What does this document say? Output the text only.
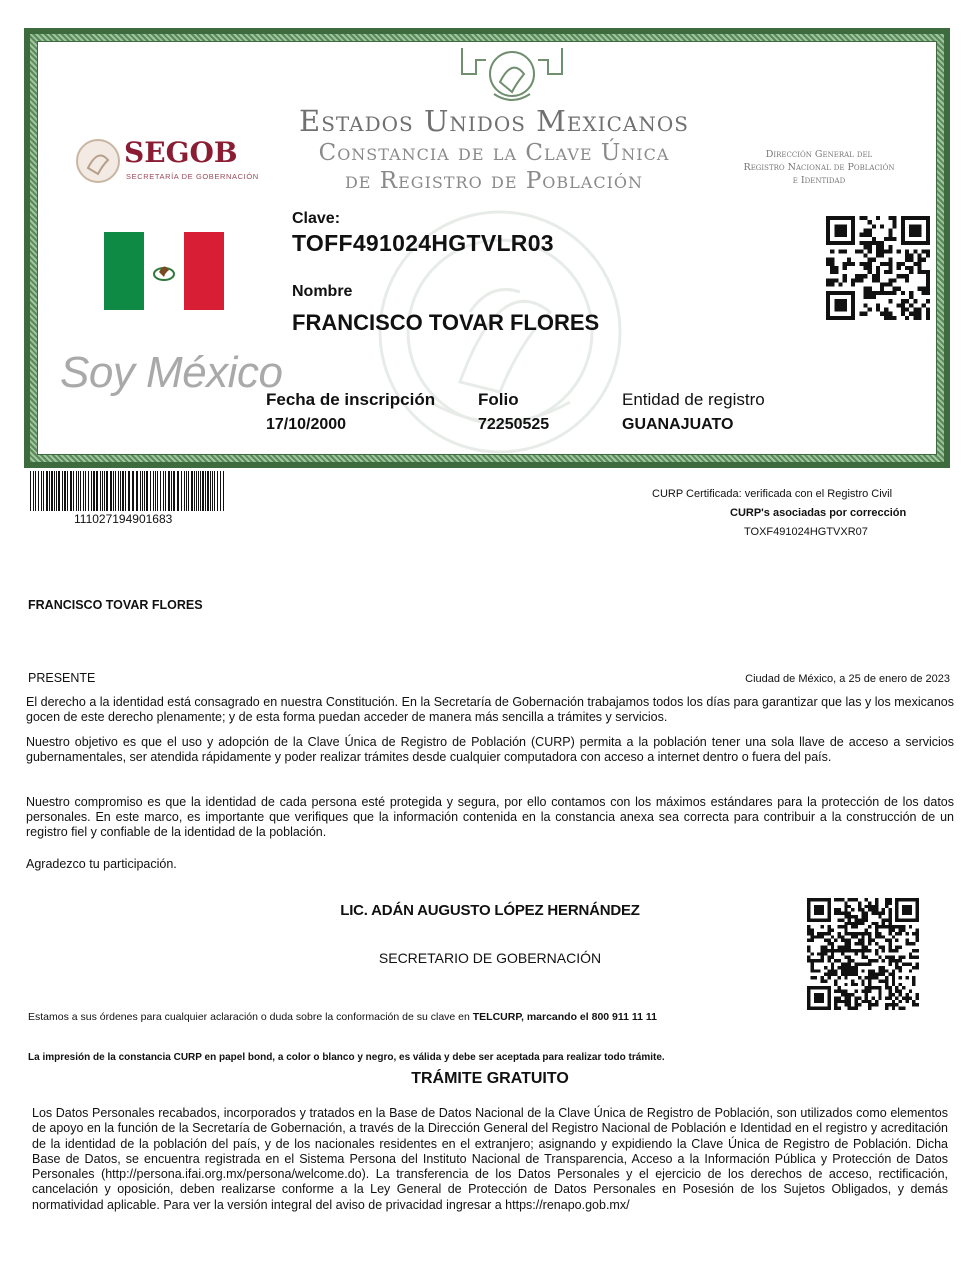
Estados Unidos Mexicanos
Constancia de la Clave Única
de Registro de Población
SEGOB
SECRETARÍA DE GOBERNACIÓN
Dirección General del
Registro Nacional de Población
e Identidad
Soy México
Clave:
TOFF491024HGTVLR03
Nombre
FRANCISCO TOVAR FLORES
Fecha de inscripción
17/10/2000
Folio
72250525
Entidad de registro
GUANAJUATO
111027194901683
CURP Certificada: verificada con el Registro Civil
CURP's asociadas por corrección
TOXF491024HGTVXR07
FRANCISCO TOVAR FLORES
PRESENTE	Ciudad de México, a 25 de enero de 2023

El derecho a la identidad está consagrado en nuestra Constitución. En la Secretaría de Gobernación trabajamos todos los días para garantizar que las y los mexicanos gocen de este derecho plenamente; y de esta forma puedan acceder de manera más sencilla a trámites y servicios.

Nuestro objetivo es que el uso y adopción de la Clave Única de Registro de Población (CURP) permita a la población tener una sola llave de acceso a servicios gubernamentales, ser atendida rápidamente y poder realizar trámites desde cualquier computadora con acceso a internet dentro o fuera del país.

Nuestro compromiso es que la identidad de cada persona esté protegida y segura, por ello contamos con los máximos estándares para la protección de los datos personales. En este marco, es importante que verifiques que la información contenida en la constancia anexa sea correcta para contribuir a la construcción de un registro fiel y confiable de la identidad de la población.

Agradezco tu participación.
LIC. ADÁN AUGUSTO LÓPEZ HERNÁNDEZ
SECRETARIO DE GOBERNACIÓN
Estamos a sus órdenes para cualquier aclaración o duda sobre la conformación de su clave en TELCURP, marcando el 800 911 11 11
La impresión de la constancia CURP en papel bond, a color o blanco y negro, es válida y debe ser aceptada para realizar todo trámite.
TRÁMITE GRATUITO

Los Datos Personales recabados, incorporados y tratados en la Base de Datos Nacional de la Clave Única de Registro de Población, son utilizados como elementos de apoyo en la función de la Secretaría de Gobernación, a través de la Dirección General del Registro Nacional de Población e Identidad en el registro y acreditación de la identidad de la población del país, y de los nacionales residentes en el extranjero; asignando y expidiendo la Clave Única de Registro de Población. Dicha Base de Datos, se encuentra registrada en el Sistema Persona del Instituto Nacional de Transparencia, Acceso a la Información Pública y Protección de Datos Personales (http://persona.ifai.org.mx/persona/welcome.do). La transferencia de los Datos Personales y el ejercicio de los derechos de acceso, rectificación, cancelación y oposición, deben realizarse conforme a la Ley General de Protección de Datos Personales en Posesión de los Sujetos Obligados, y demás normatividad aplicable. Para ver la versión integral del aviso de privacidad ingresar a https://renapo.gob.mx/
